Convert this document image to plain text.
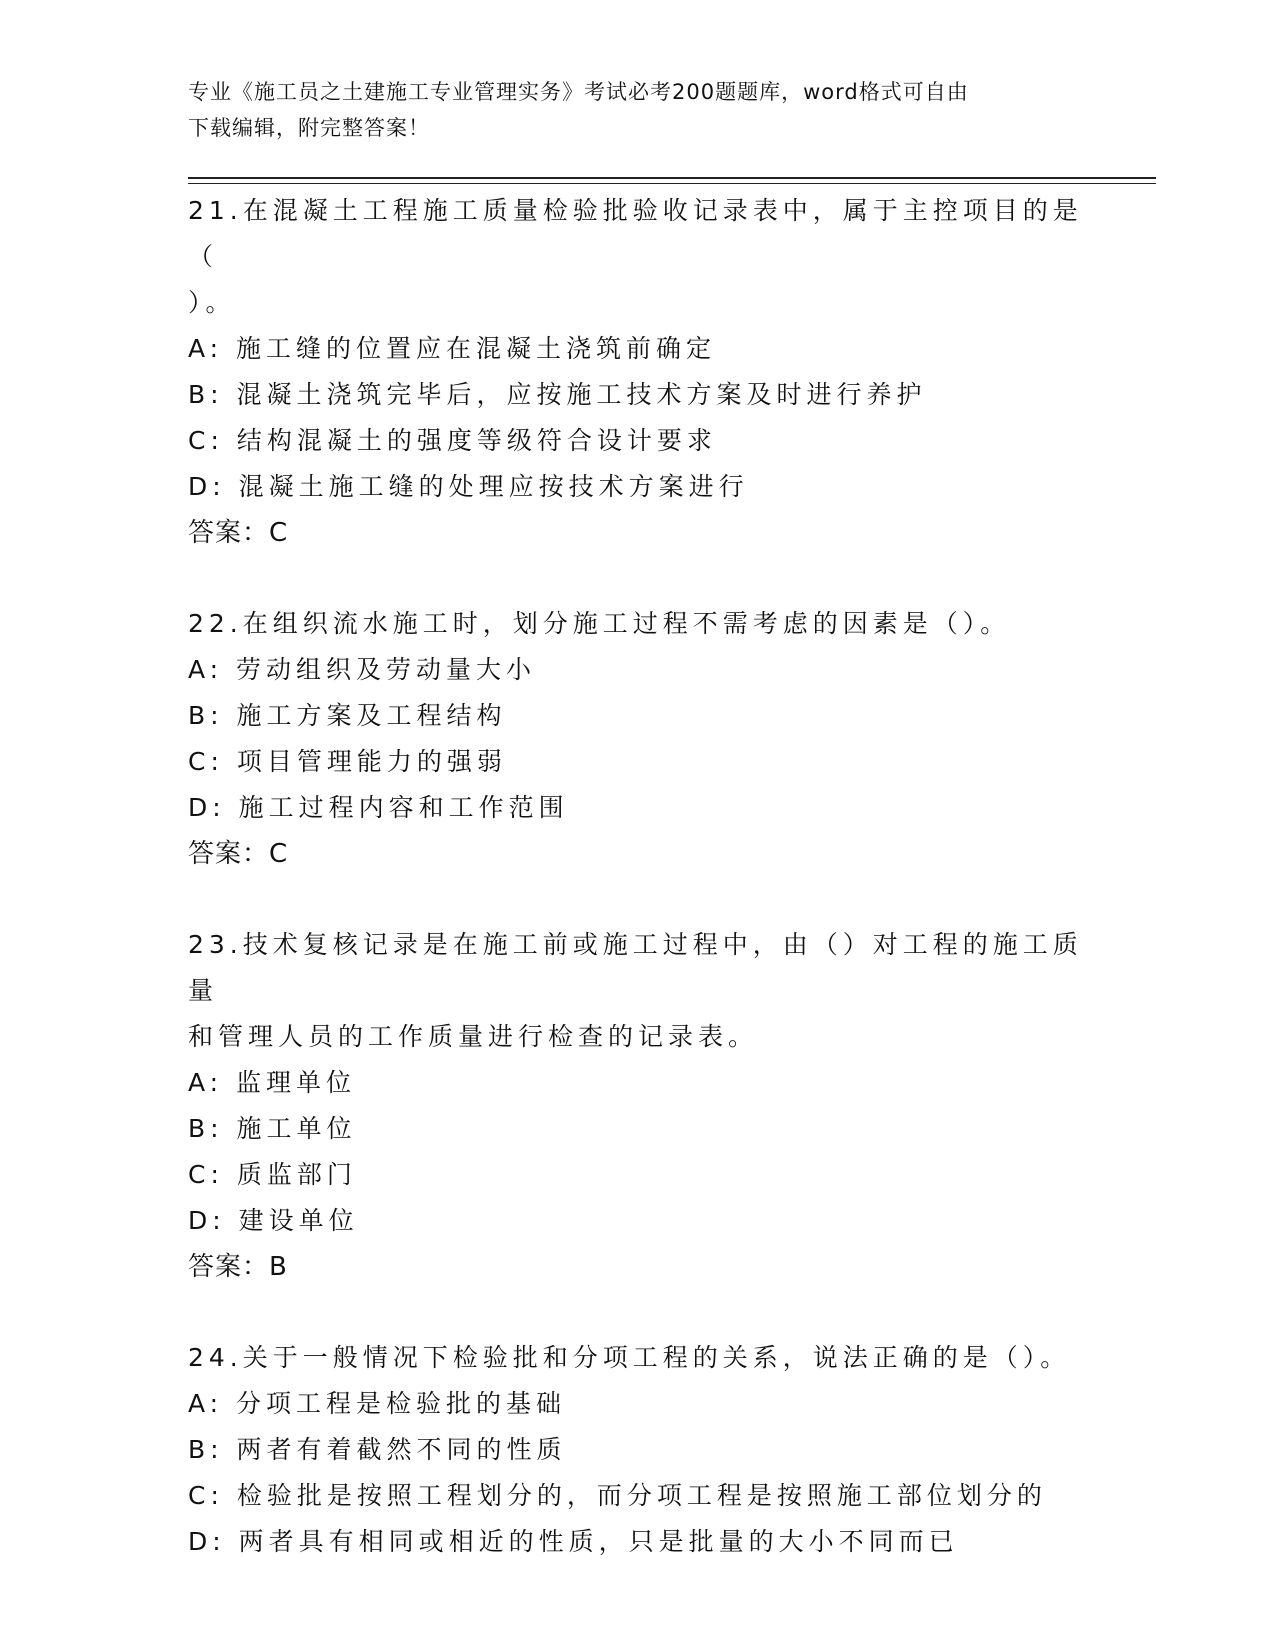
专业《施工员之土建施工专业管理实务》考试必考200题题库，word格式可自由
下载编辑，附完整答案！
21.在混凝土工程施工质量检验批验收记录表中，属于主控项目的是（
）。
A: 施工缝的位置应在混凝土浇筑前确定
B: 混凝土浇筑完毕后，应按施工技术方案及时进行养护
C: 结构混凝土的强度等级符合设计要求
D: 混凝土施工缝的处理应按技术方案进行
答案：C
22.在组织流水施工时，划分施工过程不需考虑的因素是（）。
A: 劳动组织及劳动量大小
B: 施工方案及工程结构
C: 项目管理能力的强弱
D: 施工过程内容和工作范围
答案：C
23.技术复核记录是在施工前或施工过程中，由（）对工程的施工质量
和管理人员的工作质量进行检查的记录表。
A: 监理单位
B: 施工单位
C: 质监部门
D: 建设单位
答案：B
24.关于一般情况下检验批和分项工程的关系，说法正确的是（）。
A: 分项工程是检验批的基础
B: 两者有着截然不同的性质
C: 检验批是按照工程划分的，而分项工程是按照施工部位划分的
D: 两者具有相同或相近的性质，只是批量的大小不同而已
